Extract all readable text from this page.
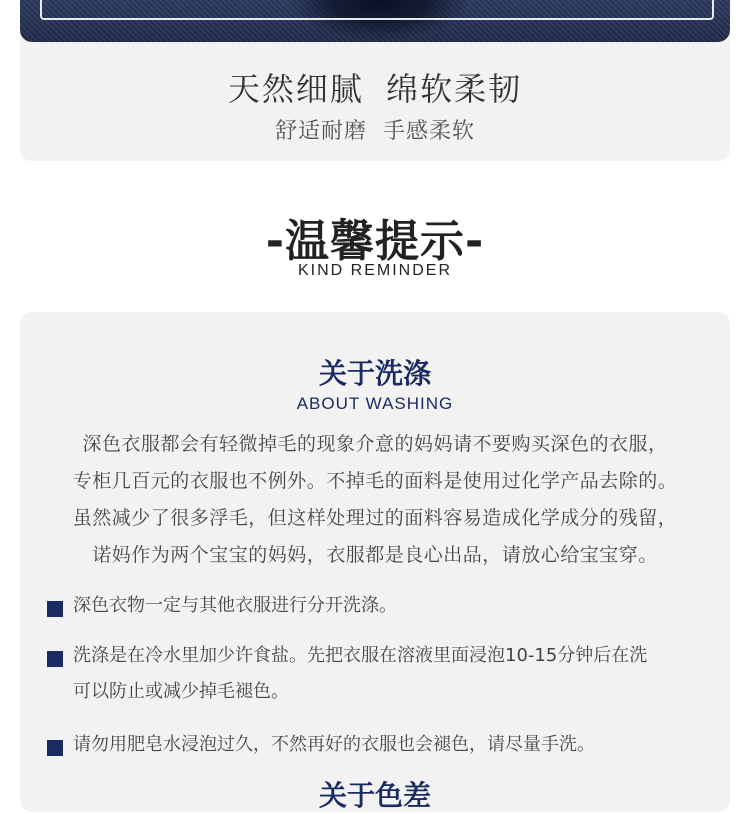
天然细腻 绵软柔韧
舒适耐磨 手感柔软
-温馨提示-
KIND REMINDER
关于洗涤
ABOUT WASHING
深色衣服都会有轻微掉毛的现象介意的妈妈请不要购买深色的衣服，
专柜几百元的衣服也不例外。不掉毛的面料是使用过化学产品去除的。
虽然减少了很多浮毛，但这样处理过的面料容易造成化学成分的残留，
诺妈作为两个宝宝的妈妈，衣服都是良心出品，请放心给宝宝穿。
深色衣物一定与其他衣服进行分开洗涤。
洗涤是在冷水里加少许食盐。先把衣服在溶液里面浸泡10-15分钟后在洗
可以防止或减少掉毛褪色。
请勿用肥皂水浸泡过久，不然再好的衣服也会褪色，请尽量手洗。
关于色差
